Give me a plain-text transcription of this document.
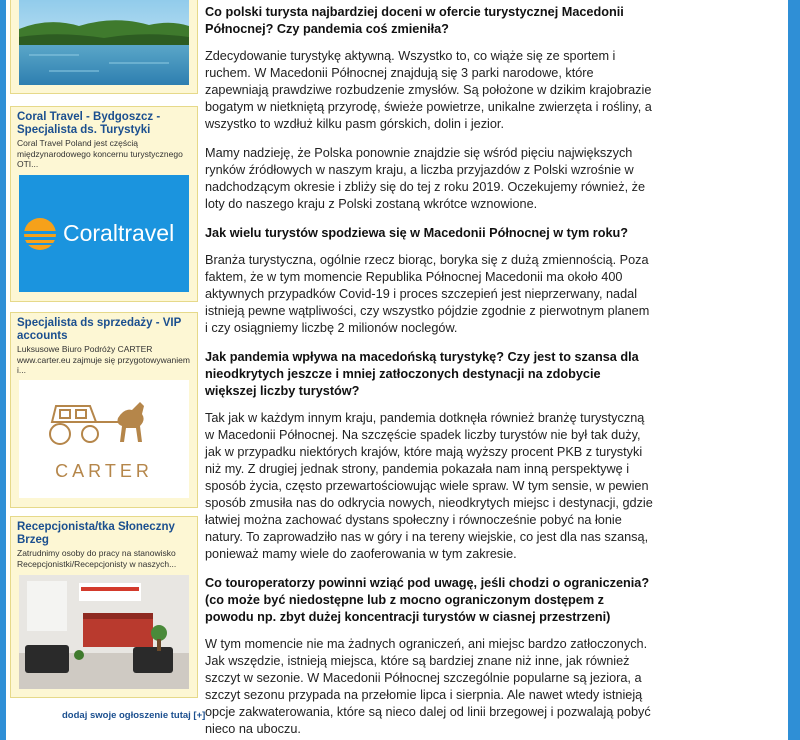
Coral Travel - Bydgoszcz - Specjalista ds. Turystyki
Coral Travel Poland jest częścią międzynarodowego koncernu turystycznego OTI...
Coraltravel
Specjalista ds sprzedaży - VIP accounts
Luksusowe Biuro Podróży CARTER www.carter.eu zajmuje się przygotowywaniem i...
CARTER
Recepcjonista/tka Słoneczny Brzeg
Zatrudnimy osoby do pracy na stanowisko Recepcjonistki/Recepcjonisty w naszych...
dodaj swoje ogłoszenie tutaj [+]
Co polski turysta najbardziej doceni w ofercie turystycznej Macedonii Północnej? Czy pandemia coś zmieniła?

Zdecydowanie turystykę aktywną. Wszystko to, co wiąże się ze sportem i ruchem. W Macedonii Północnej znajdują się 3 parki narodowe, które zapewniają prawdziwe rozbudzenie zmysłów. Są położone w dzikim krajobrazie bogatym w nietkniętą przyrodę, świeże powietrze, unikalne zwierzęta i rośliny, a wszystko to wzdłuż kilku pasm górskich, dolin i jezior.

Mamy nadzieję, że Polska ponownie znajdzie się wśród pięciu największych rynków źródłowych w naszym kraju, a liczba przyjazdów z Polski wzrośnie w nadchodzącym okresie i zbliży się do tej z roku 2019. Oczekujemy również, że loty do naszego kraju z Polski zostaną wkrótce wznowione.

Jak wielu turystów spodziewa się w Macedonii Północnej w tym roku?

Branża turystyczna, ogólnie rzecz biorąc, boryka się z dużą zmiennością. Poza faktem, że w tym momencie Republika Północnej Macedonii ma około 400 aktywnych przypadków Covid-19 i proces szczepień jest nieprzerwany, nadal istnieją pewne wątpliwości, czy wszystko pójdzie zgodnie z pierwotnym planem i czy osiągniemy liczbę 2 milionów noclegów.

Jak pandemia wpływa na macedońską turystykę? Czy jest to szansa dla nieodkrytych jeszcze i mniej zatłoczonych destynacji na zdobycie większej liczby turystów?

Tak jak w każdym innym kraju, pandemia dotknęła również branżę turystyczną w Macedonii Północnej. Na szczęście spadek liczby turystów nie był tak duży, jak w przypadku niektórych krajów, które mają wyższy procent PKB z turystyki niż my. Z drugiej jednak strony, pandemia pokazała nam inną perspektywę i sposób życia, często przewartościowując wiele spraw. W tym sensie, w pewien sposób zmusiła nas do odkrycia nowych, nieodkrytych miejsc i destynacji, gdzie łatwiej można zachować dystans społeczny i równocześnie pobyć na łonie natury. To zaprowadziło nas w góry i na tereny wiejskie, co jest dla nas szansą, ponieważ mamy wiele do zaoferowania w tym zakresie.

Co touroperatorzy powinni wziąć pod uwagę, jeśli chodzi o ograniczenia? (co może być niedostępne lub z mocno ograniczonym dostępem z powodu np. zbyt dużej koncentracji turystów w ciasnej przestrzeni)

W tym momencie nie ma żadnych ograniczeń, ani miejsc bardzo zatłoczonych. Jak wszędzie, istnieją miejsca, które są bardziej znane niż inne, jak również szczyt w sezonie. W Macedonii Północnej szczególnie popularne są jeziora, a szczyt sezonu przypada na przełomie lipca i sierpnia. Ale nawet wtedy istnieją opcje zakwaterowania, które są nieco dalej od linii brzegowej i pozwalają pobyć nieco na uboczu.
